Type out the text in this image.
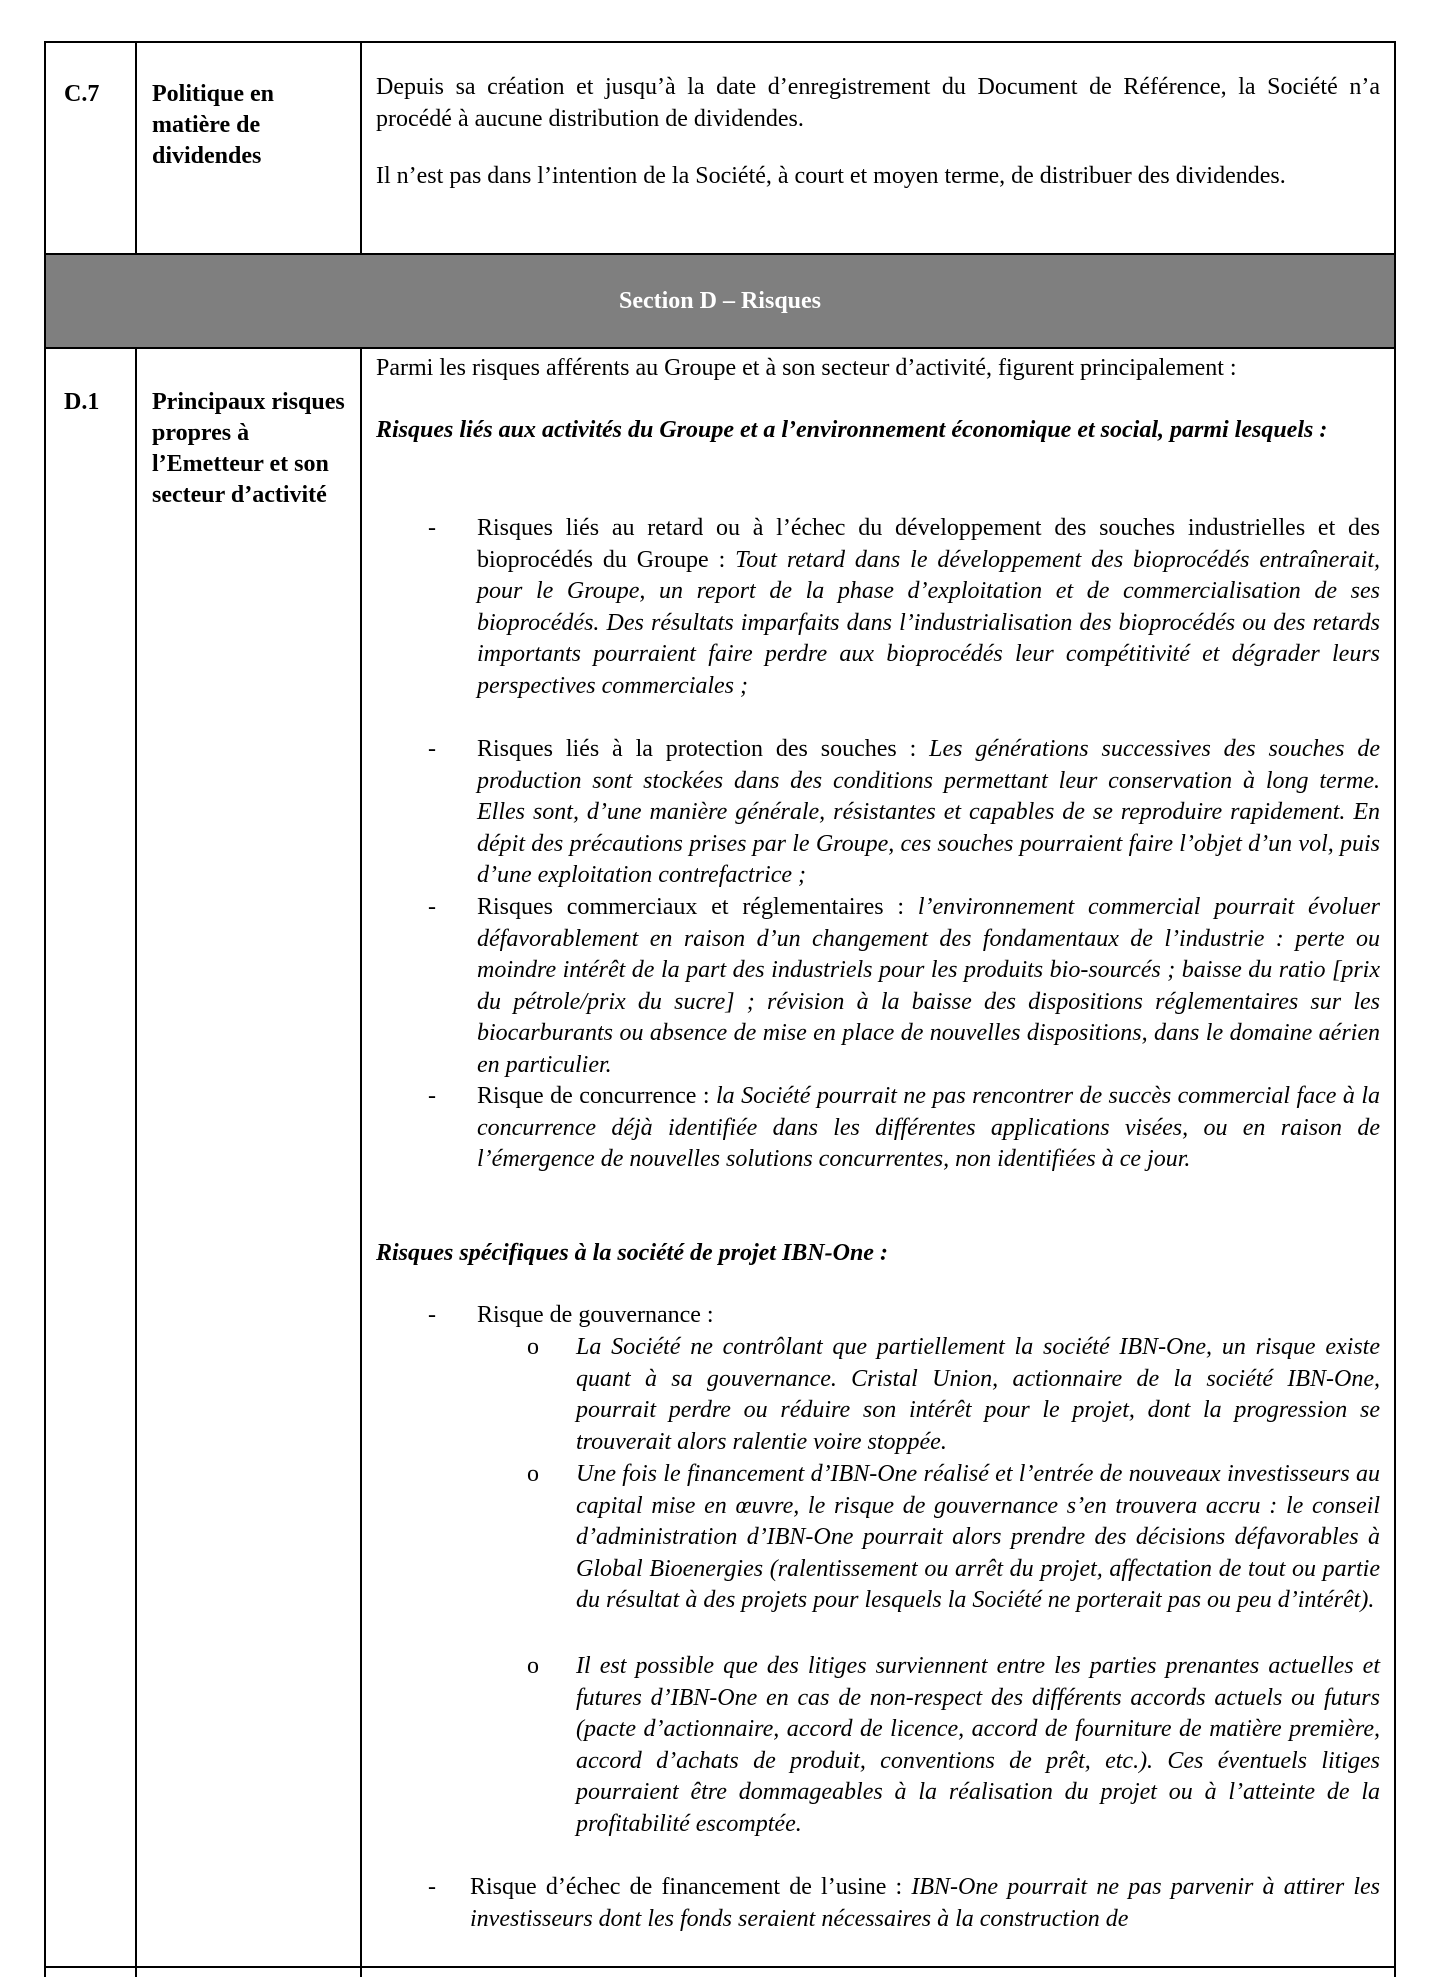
C.7 Politique en matière de dividendes
Depuis sa création et jusqu’à la date d’enregistrement du Document de Référence, la Société n’a procédé à aucune distribution de dividendes.
Il n’est pas dans l’intention de la Société, à court et moyen terme, de distribuer des dividendes.
Section D – Risques
D.1 Principaux risques propres à l’Emetteur et son secteur d’activité
Parmi les risques afférents au Groupe et à son secteur d’activité, figurent principalement :
Risques liés aux activités du Groupe et a l’environnement économique et social, parmi lesquels :
- Risques liés au retard ou à l’échec du développement des souches industrielles et des bioprocédés du Groupe : Tout retard dans le développement des bioprocédés entraînerait, pour le Groupe, un report de la phase d’exploitation et de commercialisation de ses bioprocédés. Des résultats imparfaits dans l’industrialisation des bioprocédés ou des retards importants pourraient faire perdre aux bioprocédés leur compétitivité et dégrader leurs perspectives commerciales ;
- Risques liés à la protection des souches : Les générations successives des souches de production sont stockées dans des conditions permettant leur conservation à long terme. Elles sont, d’une manière générale, résistantes et capables de se reproduire rapidement. En dépit des précautions prises par le Groupe, ces souches pourraient faire l’objet d’un vol, puis d’une exploitation contrefactrice ;
- Risques commerciaux et réglementaires : l’environnement commercial pourrait évoluer défavorablement en raison d’un changement des fondamentaux de l’industrie : perte ou moindre intérêt de la part des industriels pour les produits bio-sourcés ; baisse du ratio [prix du pétrole/prix du sucre] ; révision à la baisse des dispositions réglementaires sur les biocarburants ou absence de mise en place de nouvelles dispositions, dans le domaine aérien en particulier.
- Risque de concurrence : la Société pourrait ne pas rencontrer de succès commercial face à la concurrence déjà identifiée dans les différentes applications visées, ou en raison de l’émergence de nouvelles solutions concurrentes, non identifiées à ce jour.
Risques spécifiques à la société de projet IBN-One :
- Risque de gouvernance :
o La Société ne contrôlant que partiellement la société IBN-One, un risque existe quant à sa gouvernance. Cristal Union, actionnaire de la société IBN-One, pourrait perdre ou réduire son intérêt pour le projet, dont la progression se trouverait alors ralentie voire stoppée.
o Une fois le financement d’IBN-One réalisé et l’entrée de nouveaux investisseurs au capital mise en œuvre, le risque de gouvernance s’en trouvera accru : le conseil d’administration d’IBN-One pourrait alors prendre des décisions défavorables à Global Bioenergies (ralentissement ou arrêt du projet, affectation de tout ou partie du résultat à des projets pour lesquels la Société ne porterait pas ou peu d’intérêt).
o Il est possible que des litiges surviennent entre les parties prenantes actuelles et futures d’IBN-One en cas de non-respect des différents accords actuels ou futurs (pacte d’actionnaire, accord de licence, accord de fourniture de matière première, accord d’achats de produit, conventions de prêt, etc.). Ces éventuels litiges pourraient être dommageables à la réalisation du projet ou à l’atteinte de la profitabilité escomptée.
- Risque d’échec de financement de l’usine : IBN-One pourrait ne pas parvenir à attirer les investisseurs dont les fonds seraient nécessaires à la construction de
